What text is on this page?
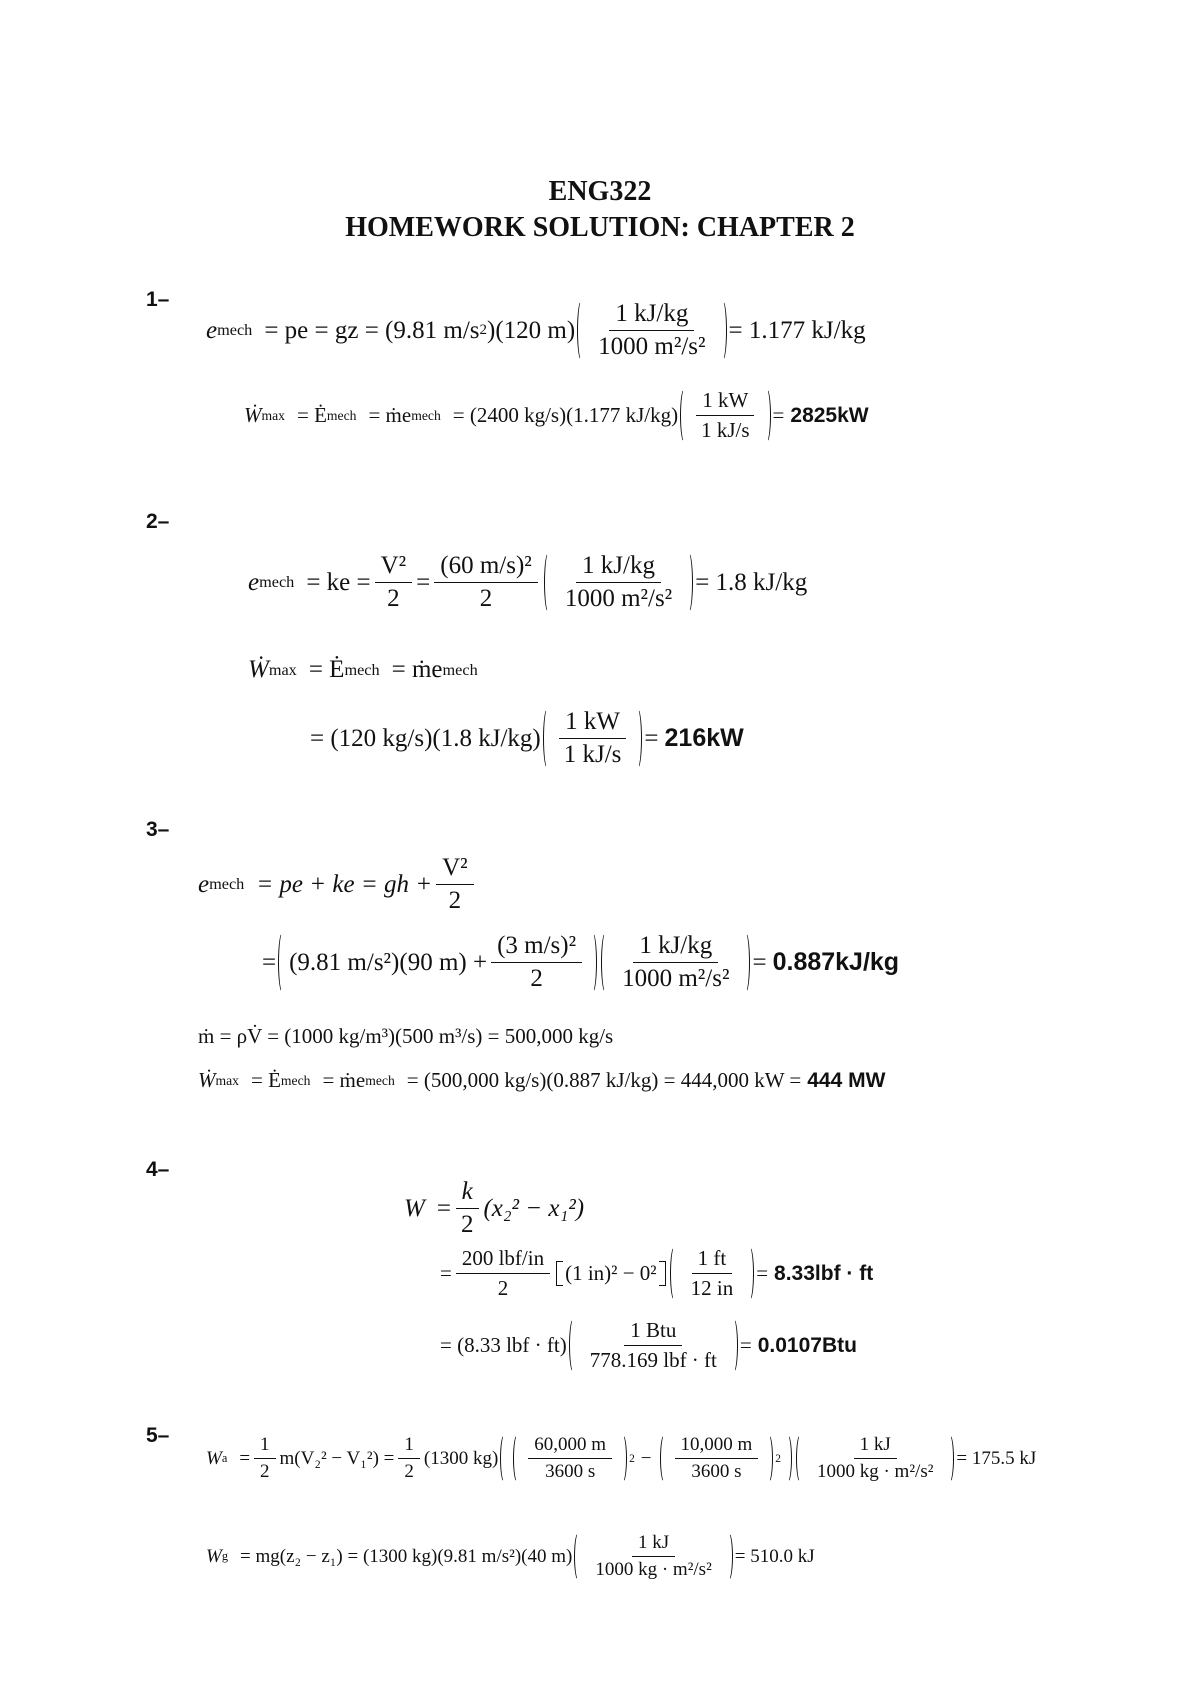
ENG322
HOMEWORK SOLUTION: CHAPTER 2
1–
e mech = pe = gz = (9.81 m/s 2 )(120 $m) \frac{1 kJ/kg}{\text{1000 m²/s²}} = 1.177$ kJ/kg
Ẇ max = Ė mech = ṁe mech = (2400 kg/s)(1.177 $kJ/kg) \frac{1 kW}{1 kJ/s} = 2825kW$
2–
e mech = ke = $\frac{\text{V²}}{2} = \frac{\text{(60 m/s)²}}{2} \frac{1 kJ/kg}{\text{1000 m²/s²}} = 1.8$ kJ/kg
Ẇ max = Ė mech = ṁe mech
= (120 kg/s)(1.8 $kJ/kg) \frac{1 kW}{1 kJ/s} = 216kW$
3–
e mech = pe + ke = gh + $\frac{\text{V²}}{2}$
= (9.81 m/s²)(90 $m) + \frac{\text{(3 m/s)²}}{2} \frac{1 kJ/kg}{\text{1000 m²/s²}} = 0.887kJ/kg$
ṁ = ρV̇ = (1000 kg/m³)(500 m³/s) = 500,000 kg/s
Ẇ max = Ė mech = ṁe mech = (500,000 kg/s)(0.887 kJ/kg) = 444,000 kW = 444 MW
4–
$W = \frac{k}{2} (x_2^2 - x_1^2)$
= $\frac{\text{200 lbf/in}}{2} (1$ $in)^2 - 0^2 \frac{1 ft}{12 in} = 8.33lbf$ · ft
= (8.33 lbf · $ft) \frac{\text{1 Btu}}{\text{778.169 lbf · ft}} = 0.0107Btu$
5–
W $a = \frac{1}{2} m(V_2^2 - V_1^2) = \frac{1}{2} (1300$ $kg) \frac{60,000 m}{3600 s} 2 - \frac{10,000 m}{3600 s} 2 \frac{1 kJ}{\text{1000 kg · m²/s²}} = 175.5$ kJ
W g = mg(z₂ − z₁) = (1300 kg)(9.81 m/s²)(40 $m) \frac{1 kJ}{\text{1000 kg · m²/s²}} = 510.0$ kJ
